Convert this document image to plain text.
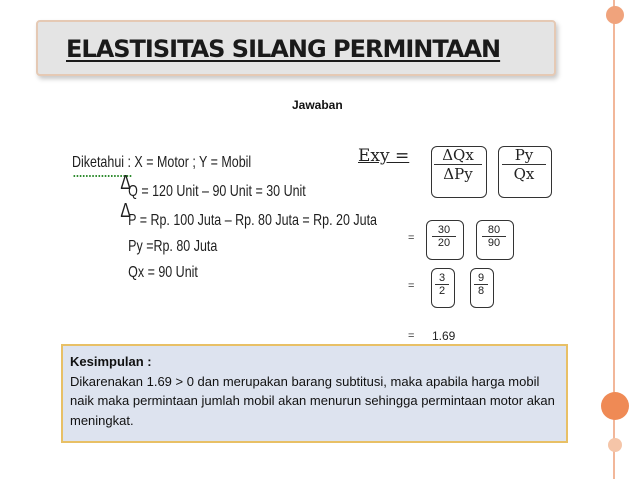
ELASTISITAS SILANG PERMINTAAN
Jawaban
Diketahui : X = Motor ; Y = Mobil
Δ
Q = 120 Unit – 90 Unit = 30 Unit
Δ
P = Rp. 100 Juta – Rp. 80 Juta = Rp. 20 Juta
Py =Rp. 80 Juta
Qx = 90 Unit
Exy =	ΔQx
ΔPy	$\frac{Py}{Qx}$
= $\frac{30}{20} \frac{80}{90}$
= $\frac{3}{2} \frac{9}{8}$
= 1.69
Kesimpulan :
Dikarenakan 1.69 > 0 dan merupakan barang subtitusi, maka apabila harga mobil naik maka permintaan jumlah mobil akan menurun sehingga permintaan motor akan meningkat.
